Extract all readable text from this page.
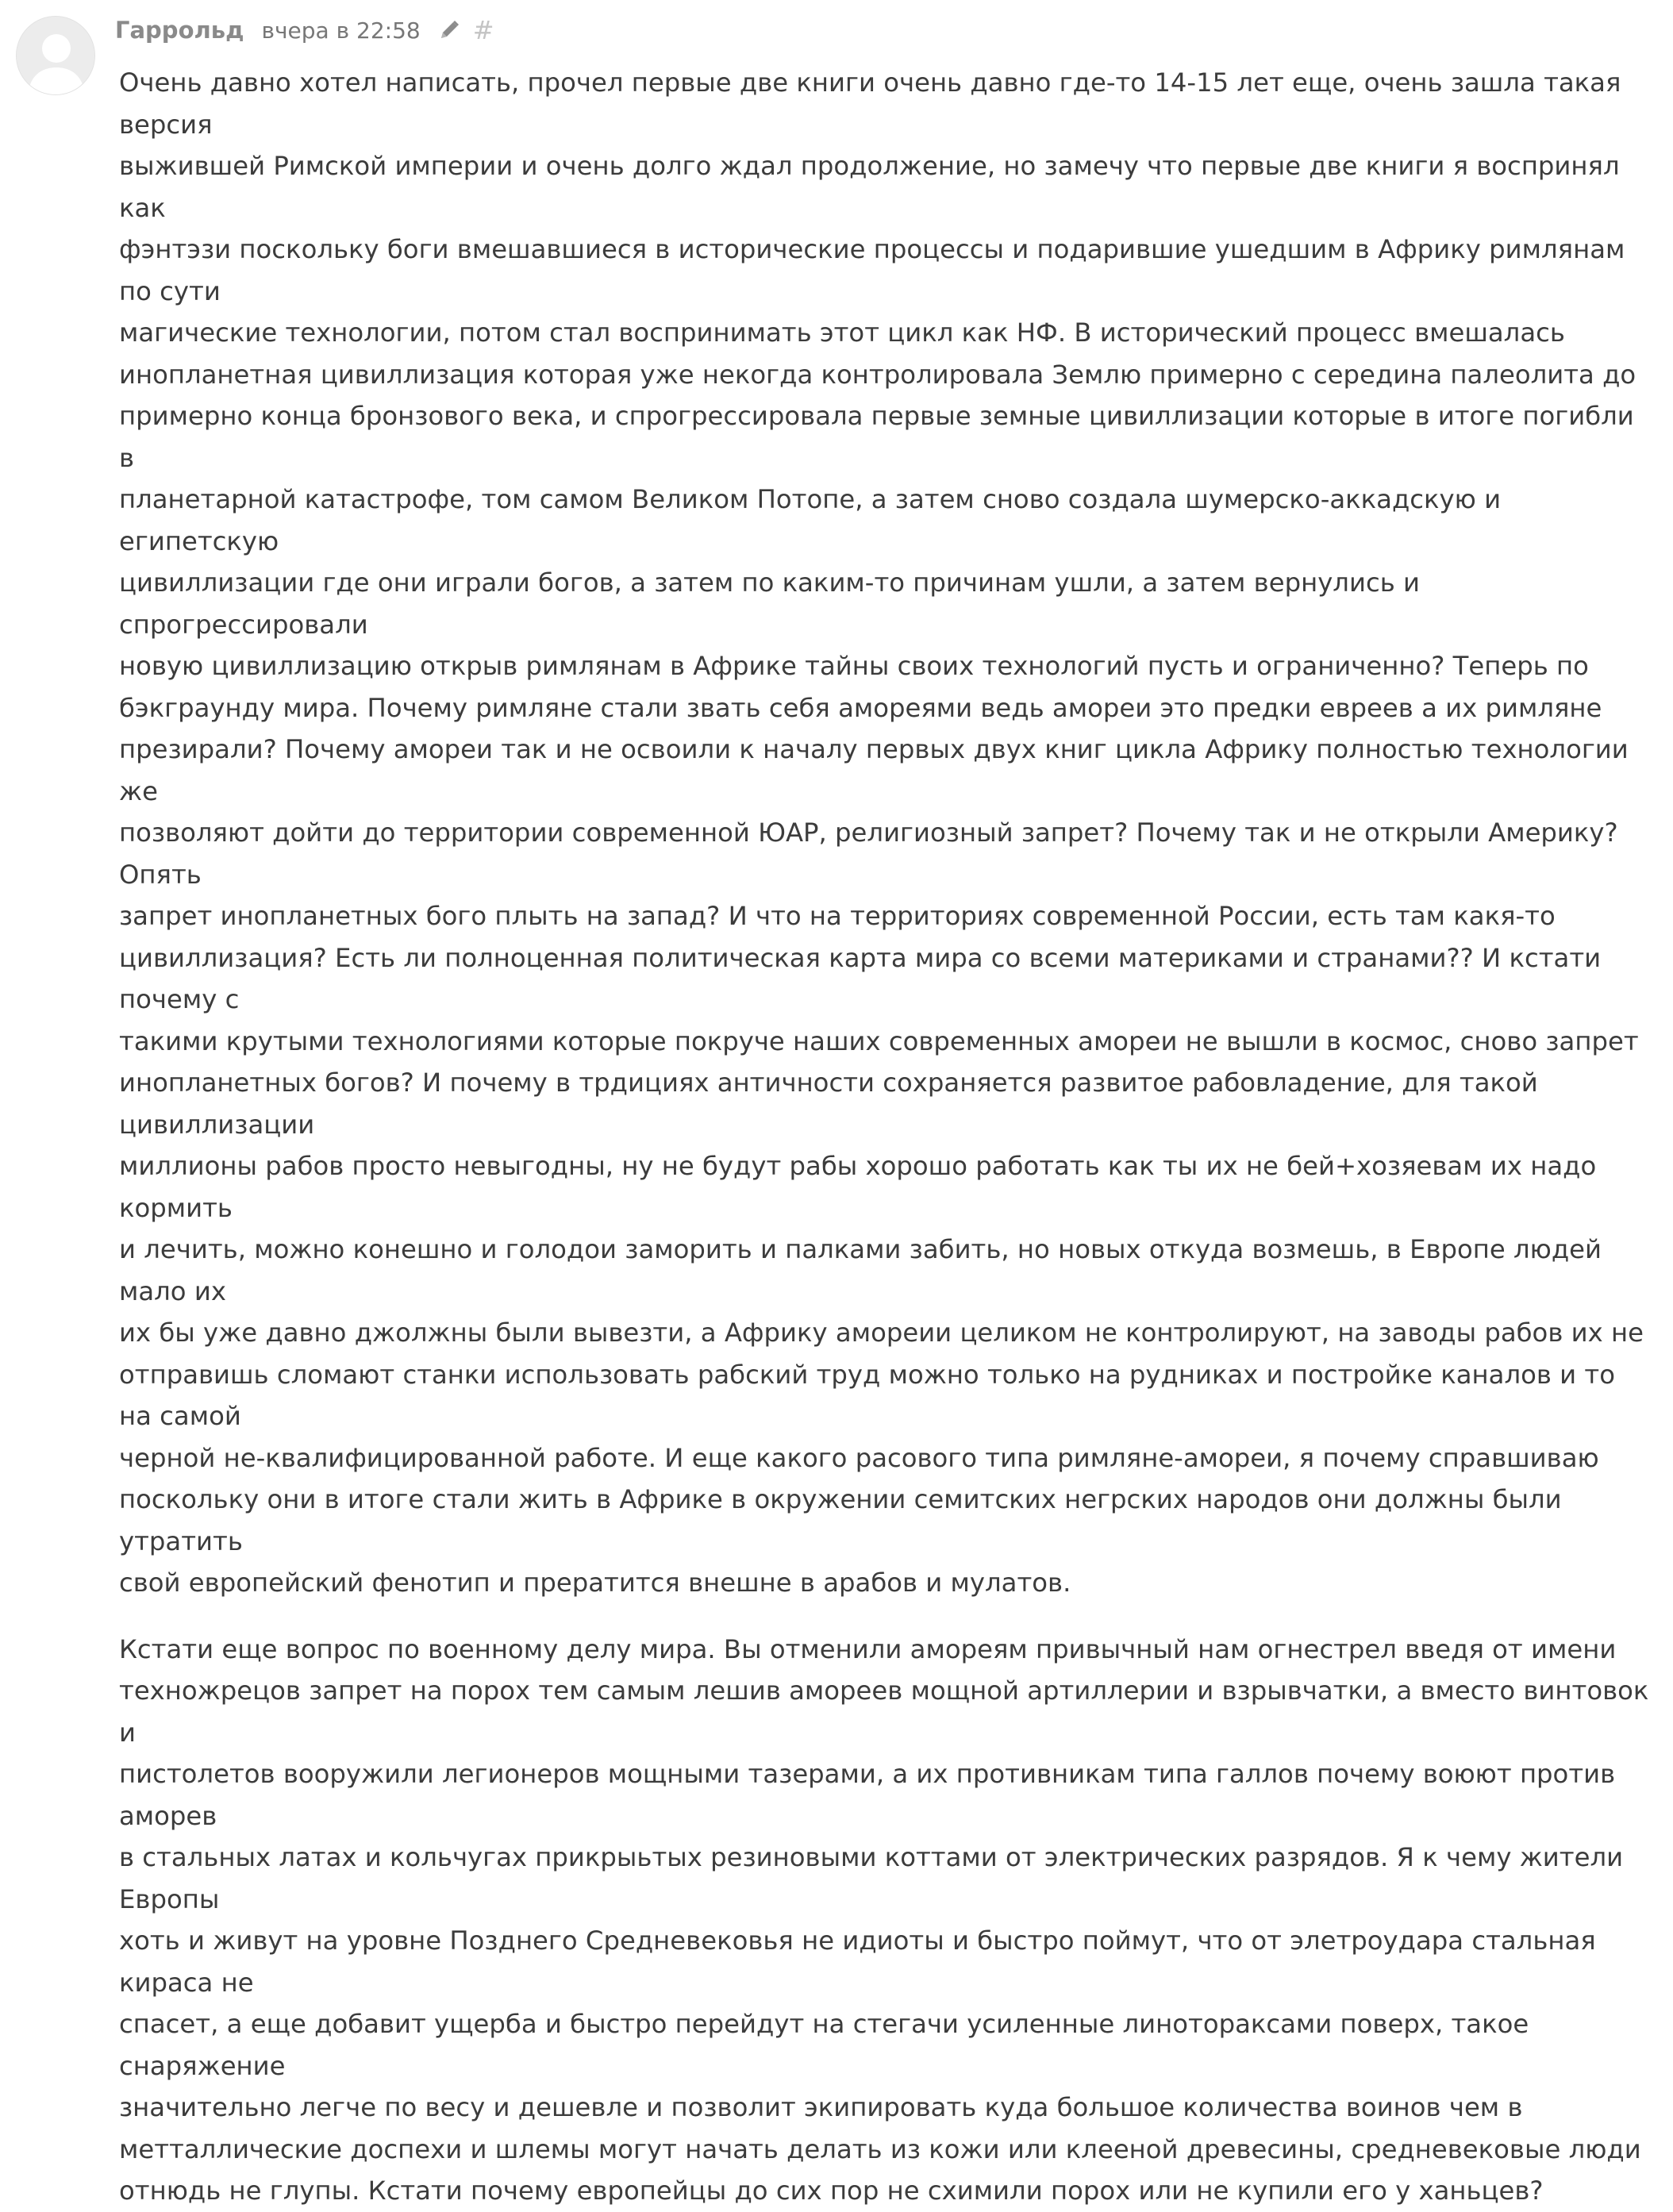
Гаррольд вчера в 22:58 #

Очень давно хотел написать, прочел первые две книги очень давно где-то 14-15 лет еще, очень зашла такая версия
выжившей Римской империи и очень долго ждал продолжение, но замечу что первые две книги я воспринял как
фэнтэзи поскольку боги вмешавшиеся в исторические процессы и подарившие ушедшим в Африку римлянам по сути
магические технологии, потом стал воспринимать этот цикл как НФ. В исторический процесс вмешалась
инопланетная цивиллизация которая уже некогда контролировала Землю примерно с середина палеолита до
примерно конца бронзового века, и спрогрессировала первые земные цивиллизации которые в итоге погибли в
планетарной катастрофе, том самом Великом Потопе, а затем сново создала шумерско-аккадскую и египетскую
цивиллизации где они играли богов, а затем по каким-то причинам ушли, а затем вернулись и спрогрессировали
новую цивиллизацию открыв римлянам в Африке тайны своих технологий пусть и ограниченно? Теперь по
бэкграунду мира. Почему римляне стали звать себя амореями ведь амореи это предки евреев а их римляне
презирали? Почему амореи так и не освоили к началу первых двух книг цикла Африку полностью технологии же
позволяют дойти до территории современной ЮАР, религиозный запрет? Почему так и не открыли Америку? Опять
запрет инопланетных бого плыть на запад? И что на территориях современной России, есть там какя-то
цивиллизация? Есть ли полноценная политическая карта мира со всеми материками и странами?? И кстати почему с
такими крутыми технологиями которые покруче наших современных амореи не вышли в космос, сново запрет
инопланетных богов? И почему в трдициях античности сохраняется развитое рабовладение, для такой цивиллизации
миллионы рабов просто невыгодны, ну не будут рабы хорошо работать как ты их не бей+хозяевам их надо кормить
и лечить, можно конешно и голодои заморить и палками забить, но новых откуда возмешь, в Европе людей мало их
их бы уже давно джолжны были вывезти, а Африку амореии целиком не контролируют, на заводы рабов их не
отправишь сломают станки использовать рабский труд можно только на рудниках и постройке каналов и то на самой
черной не-квалифицированной работе. И еще какого расового типа римляне-амореи, я почему справшиваю
поскольку они в итоге стали жить в Африке в окружении семитских негрских народов они должны были утратить
свой европейский фенотип и прератится внешне в арабов и мулатов.

Кстати еще вопрос по военному делу мира. Вы отменили амореям привычный нам огнестрел введя от имени
техножрецов запрет на порох тем самым лешив амореев мощной артиллерии и взрывчатки, а вместо винтовок и
пистолетов вооружили легионеров мощными тазерами, а их противникам типа галлов почему воюют против аморев
в стальных латах и кольчугах прикрыьтых резиновыми коттами от электрических разрядов. Я к чему жители Европы
хоть и живут на уровне Позднего Средневековья не идиоты и быстро поймут, что от элетроудара стальная кираса не
спасет, а еще добавит ущерба и быстро перейдут на стегачи усиленные линотораксами поверх, такое снаряжение
значительно легче по весу и дешевле и позволит экипировать куда большое количества воинов чем в
метталлические доспехи и шлемы могут начать делать из кожи или клееной древесины, средневековые люди
отнюдь не глупы. Кстати почему европейцы до сих пор не схимили порох или не купили его у ханьцев?
